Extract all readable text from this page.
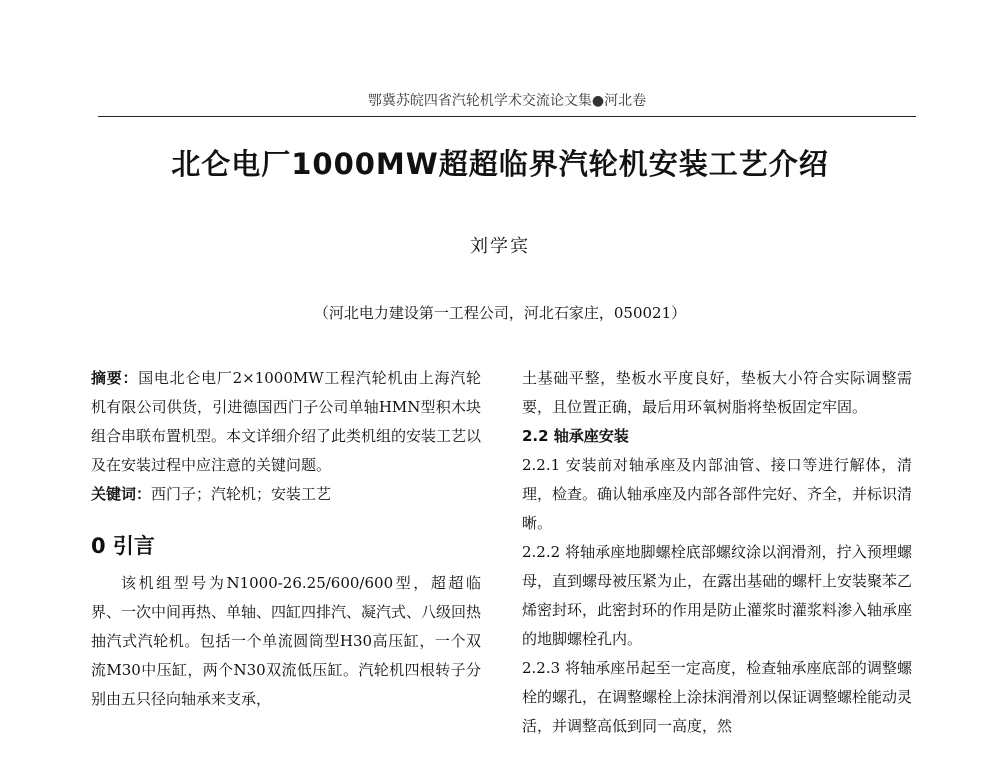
鄂冀苏皖四省汽轮机学术交流论文集●河北卷
北仑电厂1000MW超超临界汽轮机安装工艺介绍
刘学宾
（河北电力建设第一工程公司，河北石家庄，050021）

摘要：国电北仑电厂2×1000MW工程汽轮机由上海汽轮机有限公司供货，引进德国西门子公司单轴HMN型积木块组合串联布置机型。本文详细介绍了此类机组的安装工艺以及在安装过程中应注意的关键问题。

关键词：西门子；汽轮机；安装工艺

0 引言

该机组型号为N1000-26.25/600/600型，超超临界、一次中间再热、单轴、四缸四排汽、凝汽式、八级回热抽汽式汽轮机。包括一个单流圆筒型H30高压缸，一个双流M30中压缸，两个N30双流低压缸。汽轮机四根转子分别由五只径向轴承来支承，

土基础平整，垫板水平度良好，垫板大小符合实际调整需要，且位置正确，最后用环氧树脂将垫板固定牢固。

2.2 轴承座安装

2.2.1 安装前对轴承座及内部油管、接口等进行解体，清理，检查。确认轴承座及内部各部件完好、齐全，并标识清晰。

2.2.2 将轴承座地脚螺栓底部螺纹涂以润滑剂，拧入预埋螺母，直到螺母被压紧为止，在露出基础的螺杆上安装聚苯乙烯密封环，此密封环的作用是防止灌浆时灌浆料渗入轴承座的地脚螺栓孔内。

2.2.3 将轴承座吊起至一定高度，检查轴承座底部的调整螺栓的螺孔，在调整螺栓上涂抹润滑剂以保证调整螺栓能动灵活，并调整高低到同一高度，然
